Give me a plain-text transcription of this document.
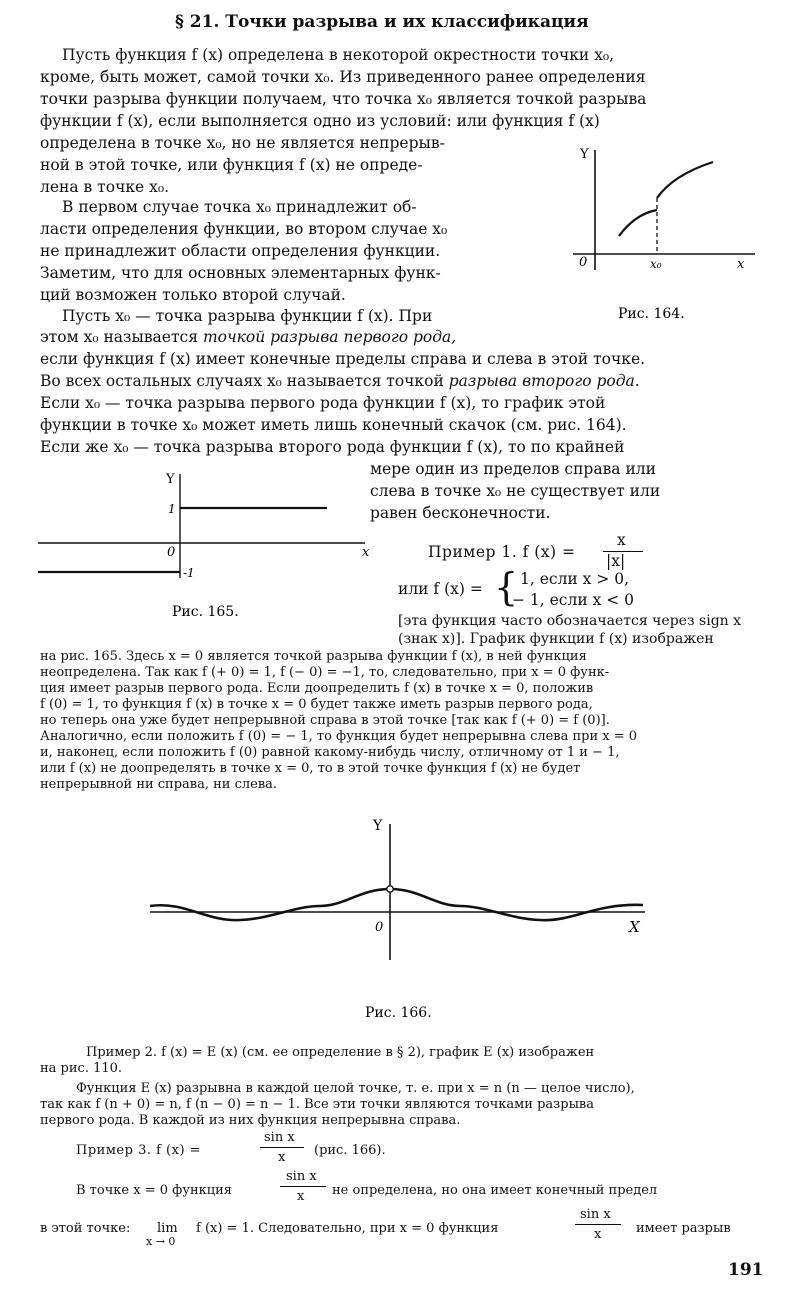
§ 21. Точки разрыва и их классификация
Пусть функция f (x) определена в некоторой окрестности точки x₀,
кроме, быть может, самой точки x₀. Из приведенного ранее определения
точки разрыва функции получаем, что точка x₀ является точкой разрыва
функции f (x), если выполняется одно из условий: или функция f (x)
определена в точке x₀, но не является непрерыв-
ной в этой точке, или функция f (x) не опреде-
лена в точке x₀.
В первом случае точка x₀ принадлежит об-
ласти определения функции, во втором случае x₀
не принадлежит области определения функции.
Заметим, что для основных элементарных функ-
ций возможен только второй случай.
Пусть x₀ — точка разрыва функции f (x). При
этом x₀ называется точкой разрыва первого рода,
если функция f (x) имеет конечные пределы справа и слева в этой точке.
Во всех остальных случаях x₀ называется точкой разрыва второго рода.
Если x₀ — точка разрыва первого рода функции f (x), то график этой
функции в точке x₀ может иметь лишь конечный скачок (см. рис. 164).
Если же x₀ — точка разрыва второго рода функции f (x), то по крайней
мере один из пределов справа или
слева в точке x₀ не существует или
равен бесконечности.
Y
0	x₀	x
Рис. 164.
Y
1
0
-1
x
Рис. 165.
Пример 1. f (x) =
x
|x|
или f (x) = { 1, если x > 0,
− 1, если x < 0
[эта функция часто обозначается через sign x
(знак x)]. График функции f (x) изображен
на рис. 165. Здесь x = 0 является точкой разрыва функции f (x), в ней функция
неопределена. Так как f (+ 0) = 1, f (− 0) = −1, то, следовательно, при x = 0 функ-
ция имеет разрыв первого рода. Если доопределить f (x) в точке x = 0, положив
f (0) = 1, то функция f (x) в точке x = 0 будет также иметь разрыв первого рода,
но теперь она уже будет непрерывной справа в этой точке [так как f (+ 0) = f (0)].
Аналогично, если положить f (0) = − 1, то функция будет непрерывна слева при x = 0
и, наконец, если положить f (0) равной какому-нибудь числу, отличному от 1 и − 1,
или f (x) не доопределять в точке x = 0, то в этой точке функция f (x) не будет
непрерывной ни справа, ни слева.
Y
0	X
Рис. 166.
Пример 2. f (x) = E (x) (см. ее определение в § 2), график E (x) изображен
на рис. 110.
Функция E (x) разрывна в каждой целой точке, т. е. при x = n (n — целое число),
так как f (n + 0) = n, f (n − 0) = n − 1. Все эти точки являются точками разрыва
первого рода. В каждой из них функция непрерывна справа.
Пример 3. f (x) =
sin x
x (рис. 166).
В точке x = 0 функция
sin x
x не определена, но она имеет конечный предел
в этой точке: lim
x → 0
f (x) = 1. Следовательно, при x = 0 функция
sin x
x	имеет разрыв
191
